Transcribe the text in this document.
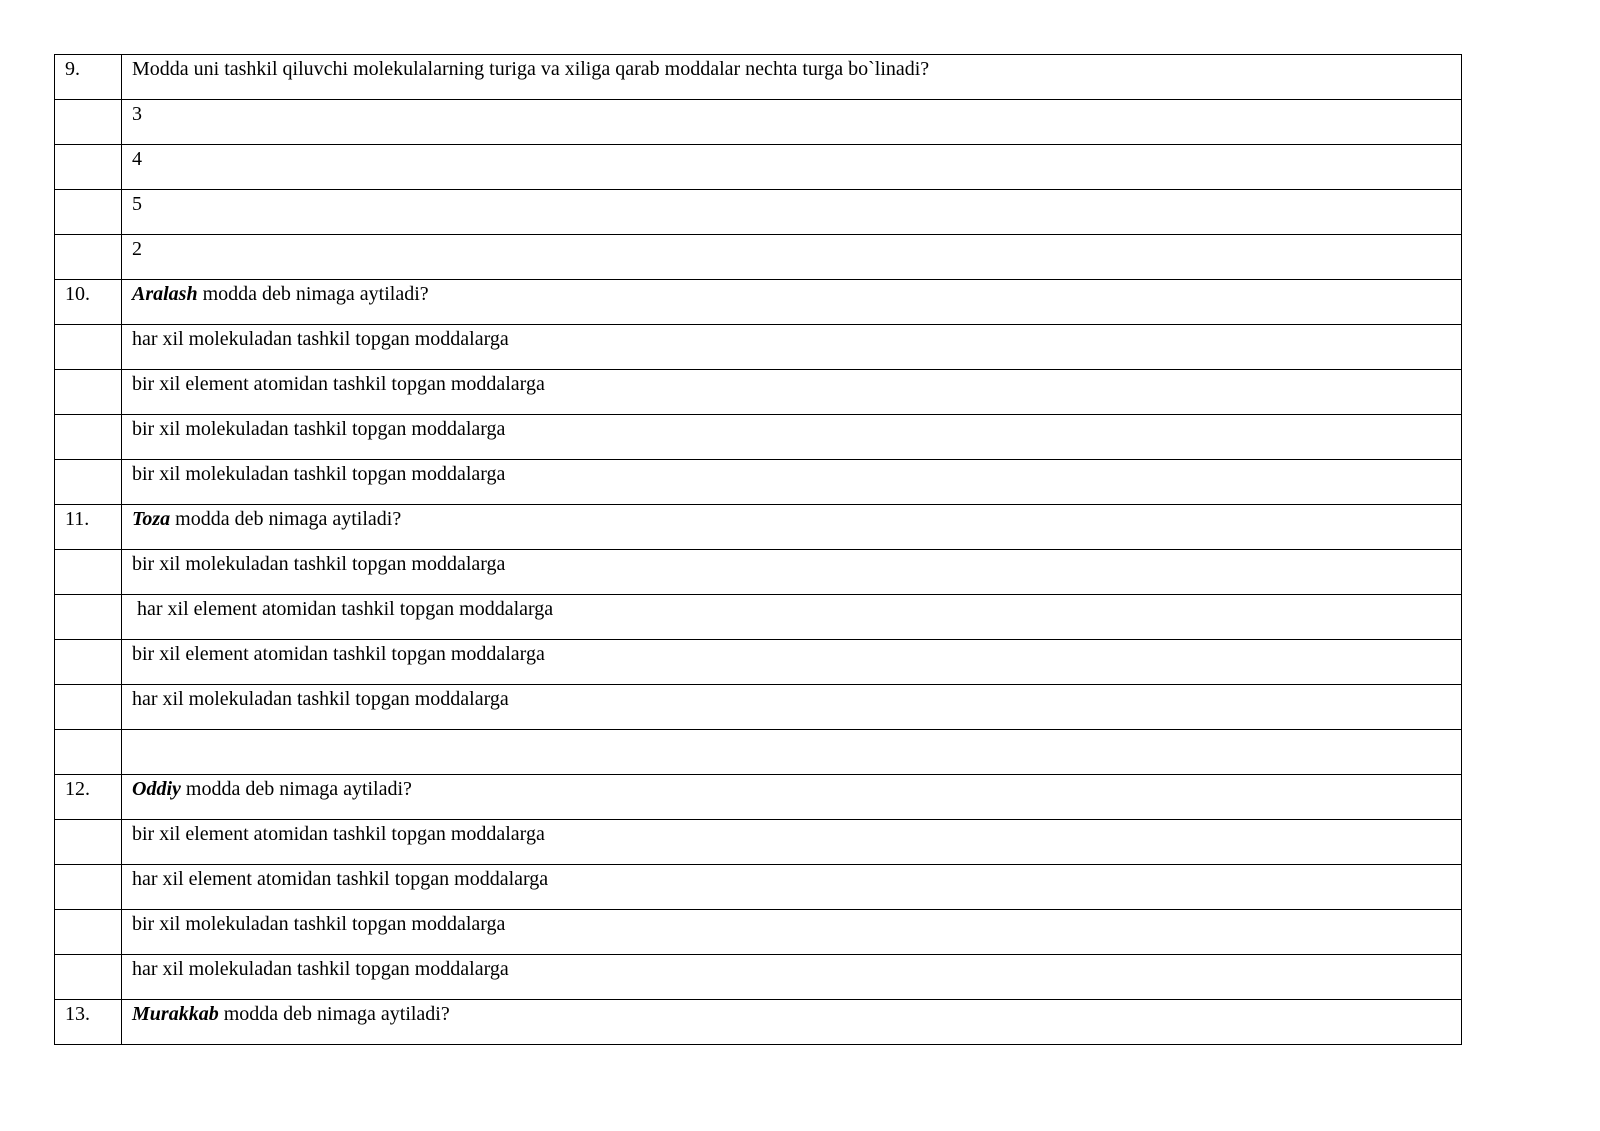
9.	Modda uni tashkil qiluvchi molekulalarning turiga va xiliga qarab moddalar nechta turga bo`linadi?

	3

	4

	5

	2

10.	Aralash modda deb nimaga aytiladi?

	har xil molekuladan tashkil topgan moddalarga

	bir xil element atomidan tashkil topgan moddalarga

	bir xil molekuladan tashkil topgan moddalarga

	bir xil molekuladan tashkil topgan moddalarga

11.	Toza modda deb nimaga aytiladi?

	bir xil molekuladan tashkil topgan moddalarga

	har xil element atomidan tashkil topgan moddalarga

	bir xil element atomidan tashkil topgan moddalarga

	har xil molekuladan tashkil topgan moddalarga

12.	Oddiy modda deb nimaga aytiladi?

	bir xil element atomidan tashkil topgan moddalarga

	har xil element atomidan tashkil topgan moddalarga

	bir xil molekuladan tashkil topgan moddalarga

	har xil molekuladan tashkil topgan moddalarga

13.	Murakkab modda deb nimaga aytiladi?
